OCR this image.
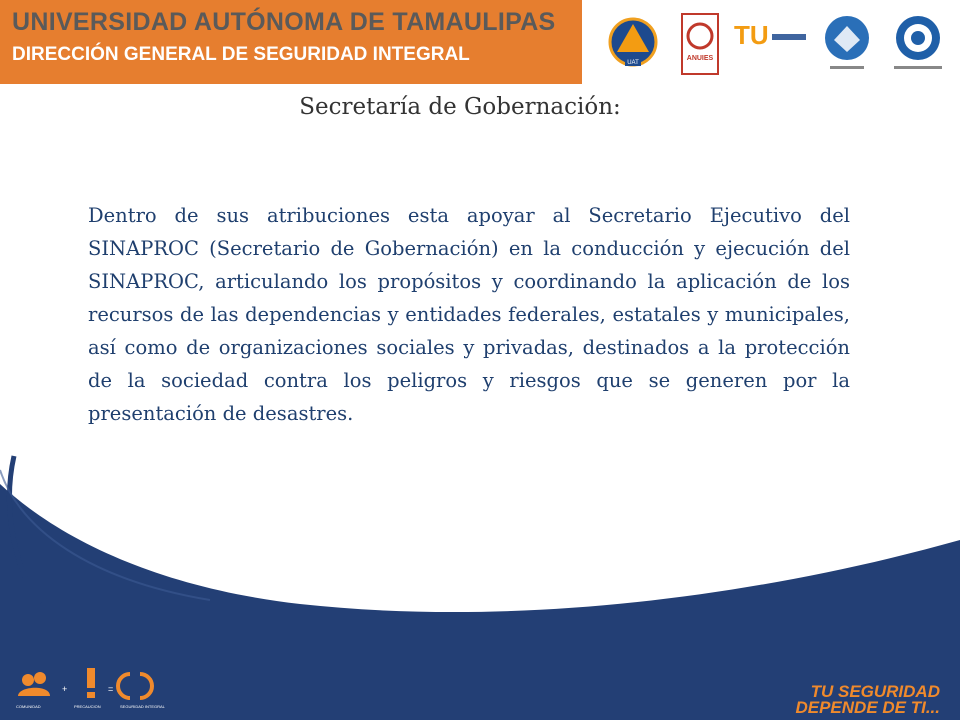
UNIVERSIDAD AUTÓNOMA DE TAMAULIPAS
DIRECCIÓN GENERAL DE SEGURIDAD INTEGRAL	UAT
ANUIES
TU
Secretaría de Gobernación:
Dentro de sus atribuciones esta apoyar al Secretario Ejecutivo del SINAPROC (Secretario de Gobernación) en la conducción y ejecución del SINAPROC, articulando los propósitos y coordinando la aplicación de los recursos de las dependencias y entidades federales, estatales y municipales, así como de organizaciones sociales y privadas, destinados a la protección de la sociedad contra los peligros y riesgos que se generen por la presentación de desastres.
+	=
COMUNIDAD	PRECAUCION	SEGURIDAD INTEGRAL
TU SEGURIDAD
DEPENDE DE TI...
